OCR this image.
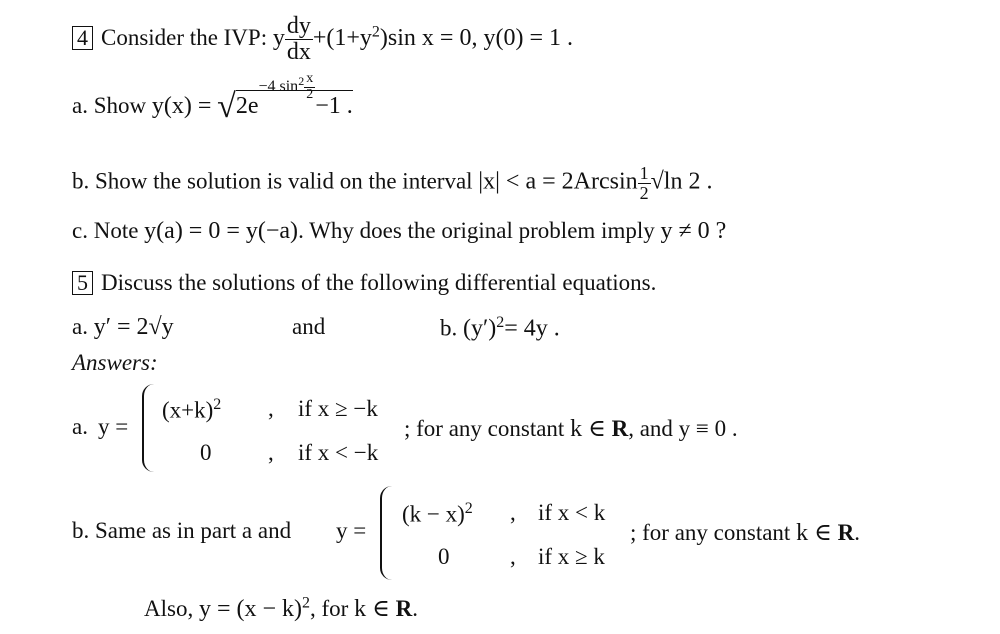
4 Consider the IVP: y $\frac{dy}{dx} +(1+y^2)\sin$ x = 0, y(0) = 1 .
a. Show $y(x) = √2e^{-4 sin^2 \frac{x}{2}}$
−1 .
b. Show the solution is valid on the interval $|x| < a = 2Arcsin \frac{1}{2} √\ln$ 2 .
c. Note y(a) = 0 = y(−a). Why does the original problem imply y ≠ 0 ?
5 Discuss the solutions of the following differential equations.
a. y′ = 2√y	and	b. $(y')^2= 4y$ .
Answers:
a. y =
$(x+k)^2$ , if x ≥ −k
0 , if x < −k
; for any constant k ∈ R, and y ≡ 0 .
b. Same as in part a and y =
$(k - x)^2$ , if x < k
0	, if x ≥ k
; for any constant k ∈ R.
Also, $y = (x - k)^2$, for k ∈ R.
